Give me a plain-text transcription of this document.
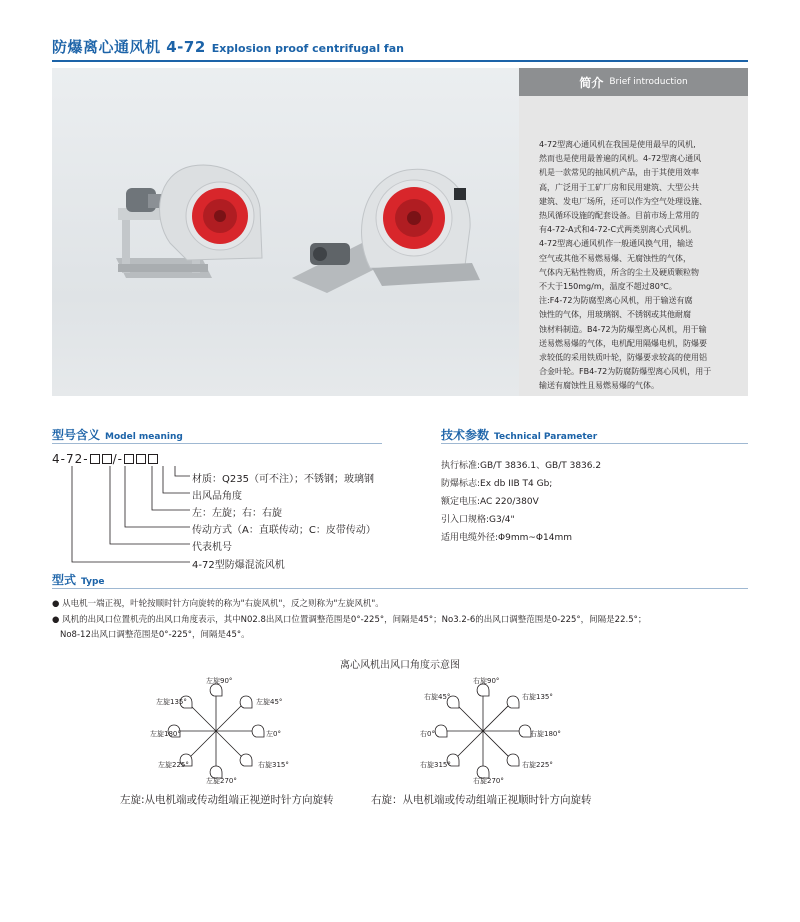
防爆离心通风机 4-72 Explosion proof centrifugal fan
简介 Brief introduction
4-72型离心通风机在我国是使用最早的风机,
然而也是使用最普遍的风机。4-72型离心通风
机是一款常见的抽风机产品，由于其使用效率
高，广泛用于工矿厂房和民用建筑、大型公共
建筑、发电厂场所，还可以作为空气处理设施、
热风循环设施的配套设备。目前市场上常用的
有4-72-A式和4-72-C式两类别离心式风机。
4-72型离心通风机作一般通风换气用，输送
空气或其他不易燃易爆、无腐蚀性的气体，
气体内无粘性物质，所含的尘土及硬质颗粒物
不大于150mg/m，温度不超过80℃。
注:F4-72为防腐型离心风机，用于输送有腐
蚀性的气体，用玻璃钢、不锈钢或其他耐腐
蚀材料制造。B4-72为防爆型离心风机，用于输
送易燃易爆的气体，电机配用隔爆电机，防爆要
求较低的采用铁质叶轮，防爆要求较高的使用铝
合金叶轮。FB4-72为防腐防爆型离心风机，用于
输送有腐蚀性且易燃易爆的气体。
型号含义 Model meaning
4-72 - /-
材质：Q235（可不注）；不锈钢；玻璃钢
出风品角度
左：左旋；右：右旋
传动方式（A：直联传动；C：皮带传动）
代表机号
4-72型防爆混流风机
技术参数 Technical Parameter
执行标准:GB/T 3836.1、GB/T 3836.2
防爆标志:Ex db IIB T4 Gb;
额定电压:AC 220/380V
引入口规格:G3/4"
适用电缆外径:Φ9mm~Φ14mm
型式 Type
● 从电机一端正视，叶轮按顺时针方向旋转的称为"右旋风机"，反之则称为"左旋风机"。
● 风机的出风口位置机壳的出风口角度表示，其中N02.8出风口位置调整范围是0°-225°，间隔是45°；No3.2-6的出风口调整范围是0-225°，间隔是22.5°；
No8-12出风口调整范围是0°-225°，间隔是45°。
离心风机出风口角度示意图
左旋90°
左旋135°	左旋45°
左旋180°	左0°
左旋225°	右旋315°
左旋270°
右旋90°
右旋45°	右旋135°
右0°	右旋180°
右旋315°	右旋225°
右旋270°
左旋:从电机端或传动组端正视逆时针方向旋转	右旋：从电机端或传动组端正视顺时针方向旋转
